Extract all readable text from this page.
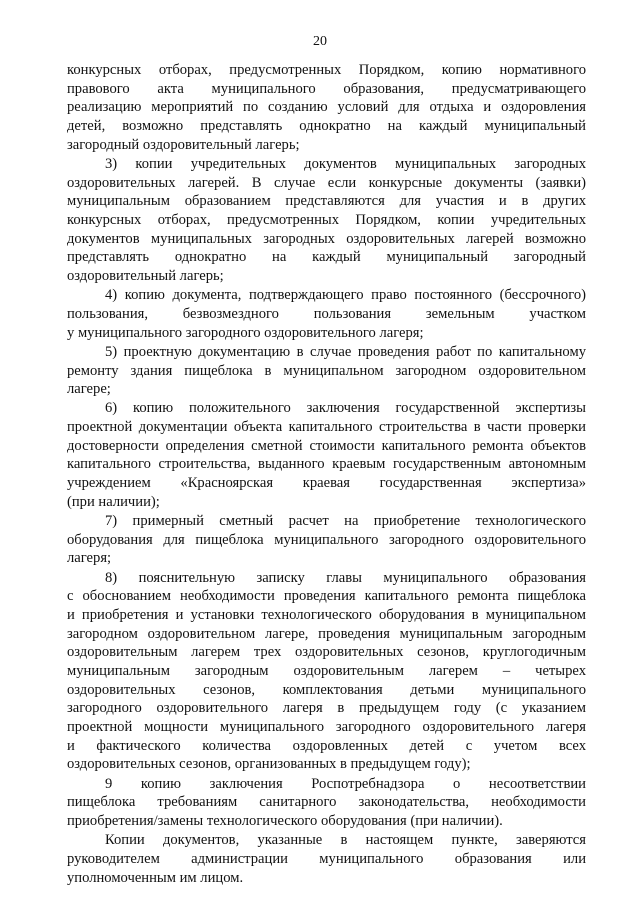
20
конкурсных отборах, предусмотренных Порядком, копию нормативного
правового акта муниципального образования, предусматривающего
реализацию мероприятий по созданию условий для отдыха и оздоровления
детей, возможно представлять однократно на каждый муниципальный
загородный оздоровительный лагерь;
3) копии учредительных документов муниципальных загородных
оздоровительных лагерей. В случае если конкурсные документы (заявки)
муниципальным образованием представляются для участия и в других
конкурсных отборах, предусмотренных Порядком, копии учредительных
документов муниципальных загородных оздоровительных лагерей возможно
представлять однократно на каждый муниципальный загородный
оздоровительный лагерь;
4) копию документа, подтверждающего право постоянного (бессрочного)
пользования, безвозмездного пользования земельным участком
у муниципального загородного оздоровительного лагеря;
5) проектную документацию в случае проведения работ по капитальному
ремонту здания пищеблока в муниципальном загородном оздоровительном
лагере;
6) копию положительного заключения государственной экспертизы
проектной документации объекта капитального строительства в части проверки
достоверности определения сметной стоимости капитального ремонта объектов
капитального строительства, выданного краевым государственным автономным
учреждением «Красноярская краевая государственная экспертиза»
(при наличии);
7) примерный сметный расчет на приобретение технологического
оборудования для пищеблока муниципального загородного оздоровительного
лагеря;
8) пояснительную записку главы муниципального образования
с обоснованием необходимости проведения капитального ремонта пищеблока
и приобретения и установки технологического оборудования в муниципальном
загородном оздоровительном лагере, проведения муниципальным загородным
оздоровительным лагерем трех оздоровительных сезонов, круглогодичным
муниципальным загородным оздоровительным лагерем – четырех
оздоровительных сезонов, комплектования детьми муниципального
загородного оздоровительного лагеря в предыдущем году (с указанием
проектной мощности муниципального загородного оздоровительного лагеря
и фактического количества оздоровленных детей с учетом всех
оздоровительных сезонов, организованных в предыдущем году);
9 копию заключения Роспотребнадзора о несоответствии
пищеблока требованиям санитарного законодательства, необходимости
приобретения/замены технологического оборудования (при наличии).
Копии документов, указанные в настоящем пункте, заверяются
руководителем администрации муниципального образования или
уполномоченным им лицом.
